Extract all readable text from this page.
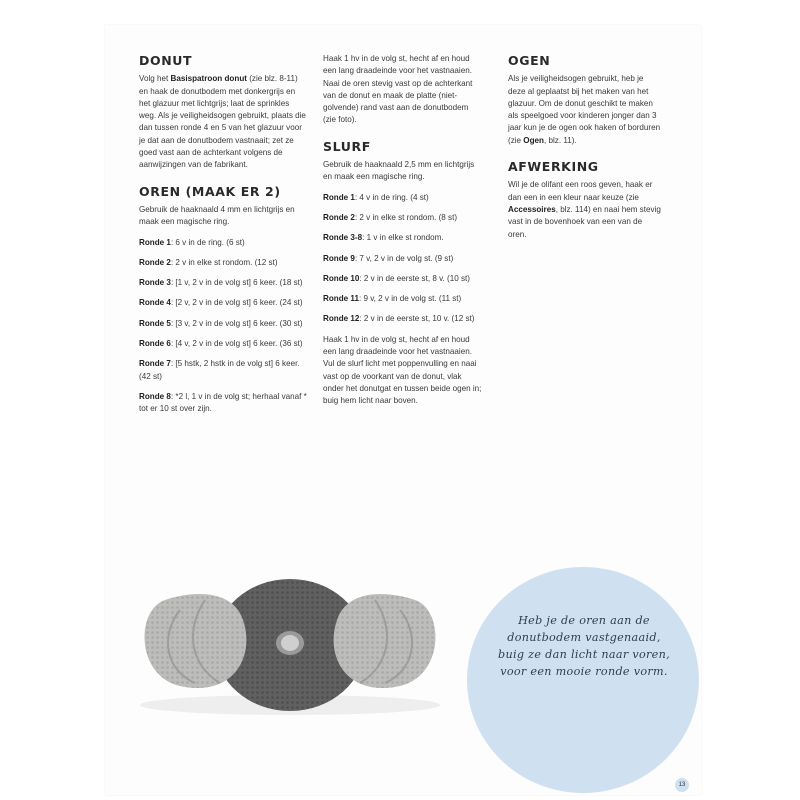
DONUT

Volg het Basispatroon donut (zie blz. 8-11) en haak de donutbodem met donkergrijs en het glazuur met lichtgrijs; laat de sprinkles weg. Als je veiligheidsogen gebruikt, plaats die dan tussen ronde 4 en 5 van het glazuur voor je dat aan de donutbodem vastnaait; zet ze goed vast aan de achterkant volgens de aanwijzingen van de fabrikant.

OREN (MAAK ER 2)

Gebruik de haaknaald 4 mm en lichtgrijs en maak een magische ring.

Ronde 1: 6 v in de ring. (6 st)

Ronde 2: 2 v in elke st rondom. (12 st)

Ronde 3: [1 v, 2 v in de volg st] 6 keer. (18 st)

Ronde 4: [2 v, 2 v in de volg st] 6 keer. (24 st)

Ronde 5: [3 v, 2 v in de volg st] 6 keer. (30 st)

Ronde 6: [4 v, 2 v in de volg st] 6 keer. (36 st)

Ronde 7: [5 hstk, 2 hstk in de volg st] 6 keer. (42 st)

Ronde 8: *2 l, 1 v in de volg st; herhaal vanaf * tot er 10 st over zijn.

Haak 1 hv in de volg st, hecht af en houd een lang draadeinde voor het vastnaaien. Naai de oren stevig vast op de achterkant van de donut en maak de platte (niet-golvende) rand vast aan de donutbodem (zie foto).

SLURF

Gebruik de haaknaald 2,5 mm en lichtgrijs en maak een magische ring.

Ronde 1: 4 v in de ring. (4 st)

Ronde 2: 2 v in elke st rondom. (8 st)

Ronde 3-8: 1 v in elke st rondom.

Ronde 9: 7 v, 2 v in de volg st. (9 st)

Ronde 10: 2 v in de eerste st, 8 v. (10 st)

Ronde 11: 9 v, 2 v in de volg st. (11 st)

Ronde 12: 2 v in de eerste st, 10 v. (12 st)

Haak 1 hv in de volg st, hecht af en houd een lang draadeinde voor het vastnaaien. Vul de slurf licht met poppenvulling en naai vast op de voorkant van de donut, vlak onder het donutgat en tussen beide ogen in; buig hem licht naar boven.

OGEN

Als je veiligheidsogen gebruikt, heb je deze al geplaatst bij het maken van het glazuur. Om de donut geschikt te maken als speelgoed voor kinderen jonger dan 3 jaar kun je de ogen ook haken of borduren (zie Ogen, blz. 11).

AFWERKING

Wil je de olifant een roos geven, haak er dan een in een kleur naar keuze (zie Accessoires, blz. 114) en naai hem stevig vast in de bovenhoek van een van de oren.

Heb je de oren aan de donutbodem vastgenaaid, buig ze dan licht naar voren, voor een mooie ronde vorm.
13
